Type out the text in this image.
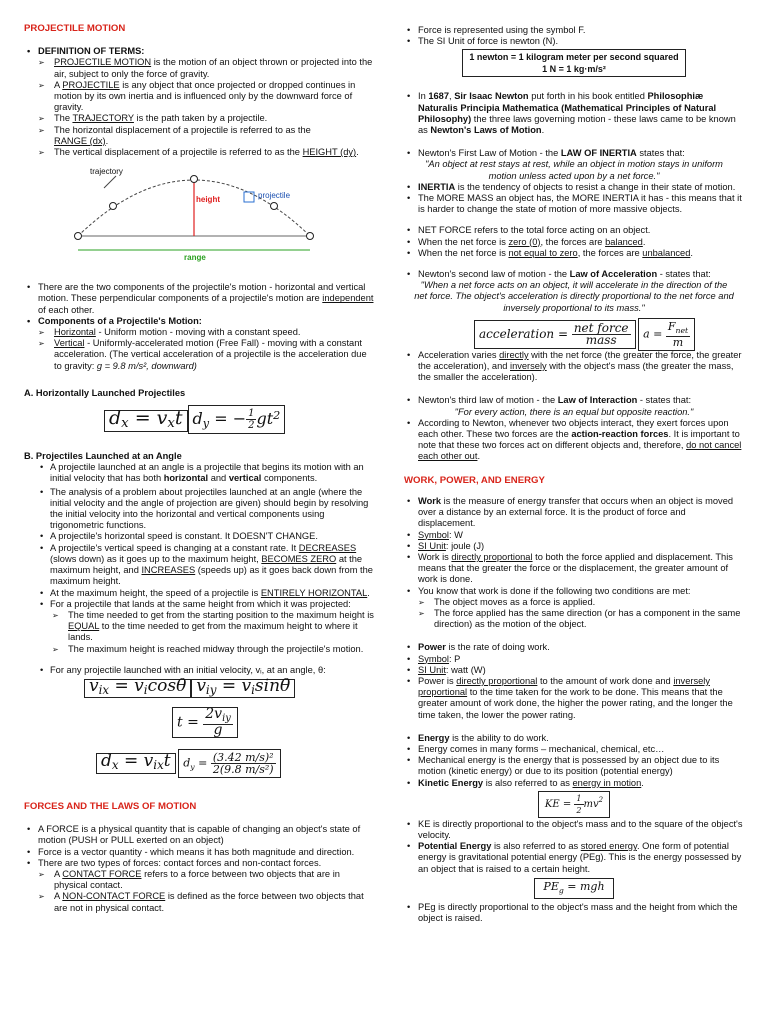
PROJECTILE MOTION

• DEFINITION OF TERMS:
➢ PROJECTILE MOTION is the motion of an object thrown or projected into the air, subject to only the force of gravity.
➢ A PROJECTILE is any object that once projected or dropped continues in motion by its own inertia and is influenced only by the downward force of gravity.
➢ The TRAJECTORY is the path taken by a projectile.
➢ The horizontal displacement of a projectile is referred to as the
RANGE (dx).
➢ The vertical displacement of a projectile is referred to as the HEIGHT (dy).
trajectory
projectile
height
range
• There are the two components of the projectile's motion - horizontal and vertical motion. These perpendicular components of a projectile's motion are independent of each other.
• Components of a Projectile's Motion:
➢ Horizontal - Uniform motion - moving with a constant speed.
➢ Vertical - Uniformly-accelerated motion (Free Fall) - moving with a constant acceleration. (The vertical acceleration of a projectile is the acceleration due to gravity: g = 9.8 m/s², downward)
A. Horizontally Launched Projectiles
$d_x = v_xt$ $d_y$ = − $\frac{1}{2} gt^2$
B. Projectiles Launched at an Angle
• A projectile launched at an angle is a projectile that begins its motion with an initial velocity that has both horizontal and vertical components.
• The analysis of a problem about projectiles launched at an angle (where the initial velocity and the angle of projection are given) should begin by resolving the initial velocity into the horizontal and vertical components using trigonometric functions.
• A projectile's horizontal speed is constant. It DOESN'T CHANGE.
• A projectile's vertical speed is changing at a constant rate. It DECREASES (slows down) as it goes up to the maximum height, BECOMES ZERO at the maximum height, and INCREASES (speeds up) as it goes back down from the maximum height.
• At the maximum height, the speed of a projectile is ENTIRELY HORIZONTAL.
• For a projectile that lands at the same height from which it was projected:
➢ The time needed to get from the starting position to the maximum height is EQUAL to the time needed to get from the maximum height to where it lands.
➢ The maximum height is reached midway through the projectile's motion.
• For any projectile launched with an initial velocity, vᵢ, at an angle, θ:
$v_{ix} = v_i\cos\theta$ $v_{iy} = v_i\sin\theta$
$t = \frac{2v_{iy}}{g}$
$d_x = v_{ix}t$ $d_y = \frac{\text{(3.42 m/s)²}}{\text{2(9.8 m/s²)}}$

FORCES AND THE LAWS OF MOTION

• A FORCE is a physical quantity that is capable of changing an object's state of motion (PUSH or PULL exerted on an object)
• Force is a vector quantity - which means it has both magnitude and direction.
• There are two types of forces: contact forces and non-contact forces.
➢ A CONTACT FORCE refers to a force between two objects that are in physical contact.
➢ A NON-CONTACT FORCE is defined as the force between two objects that are not in physical contact.
• Force is represented using the symbol F.
• The SI Unit of force is newton (N).
1 newton = 1 kilogram meter per second squared
1 N = 1 kg·m/s²
• In 1687, Sir Isaac Newton put forth in his book entitled Philosophiæ Naturalis Principia Mathematica (Mathematical Principles of Natural Philosophy) the three laws governing motion - these laws came to be known as Newton's Laws of Motion.
• Newton's First Law of Motion - the LAW OF INERTIA states that:
"An object at rest stays at rest, while an object in motion stays in uniform motion unless acted upon by a net force."
• INERTIA is the tendency of objects to resist a change in their state of motion.
• The MORE MASS an object has, the MORE INERTIA it has - this means that it is harder to change the state of motion of more massive objects.
• NET FORCE refers to the total force acting on an object.
• When the net force is zero (0), the forces are balanced.
• When the net force is not equal to zero, the forces are unbalanced.
• Newton's second law of motion - the Law of Acceleration - states that:
"When a net force acts on an object, it will accelerate in the direction of the net force. The object's acceleration is directly proportional to the net force and inversely proportional to its mass."
acceleration = $\frac{\text{net force}}{\text{mass}}$ $a = \frac{F_{net}}{m}$
• Acceleration varies directly with the net force (the greater the force, the greater the acceleration), and inversely with the object's mass (the greater the mass, the smaller the acceleration).
• Newton's third law of motion - the Law of Interaction - states that:
"For every action, there is an equal but opposite reaction."
• According to Newton, whenever two objects interact, they exert forces upon each other. These two forces are the action-reaction forces. It is important to note that these two forces act on different objects and, therefore, do not cancel each other out.

WORK, POWER, AND ENERGY

• Work is the measure of energy transfer that occurs when an object is moved over a distance by an external force. It is the product of force and displacement.
• Symbol: W
• SI Unit: joule (J)
• Work is directly proportional to both the force applied and displacement. This means that the greater the force or the displacement, the greater amount of work is done.
• You know that work is done if the following two conditions are met:
➢ The object moves as a force is applied.
➢ The force applied has the same direction (or has a component in the same direction) as the motion of the object.
• Power is the rate of doing work.
• Symbol: P
• SI Unit: watt (W)
• Power is directly proportional to the amount of work done and inversely proportional to the time taken for the work to be done. This means that the greater amount of work done, the higher the power rating, and the longer the time taken, the lower the power rating.
• Energy is the ability to do work.
• Energy comes in many forms – mechanical, chemical, etc…
• Mechanical energy is the energy that is possessed by an object due to its motion (kinetic energy) or due to its position (potential energy)
• Kinetic Energy is also referred to as energy in motion.
KE = $\frac{1}{2} mv^2$
• KE is directly proportional to the object's mass and to the square of the object's velocity.
• Potential Energy is also referred to as stored energy. One form of potential energy is gravitational potential energy (PEg). This is the energy possessed by an object that is raised to a certain height.
$PE_g$ = mgh
• PEg is directly proportional to the object's mass and the height from which the object is raised.
